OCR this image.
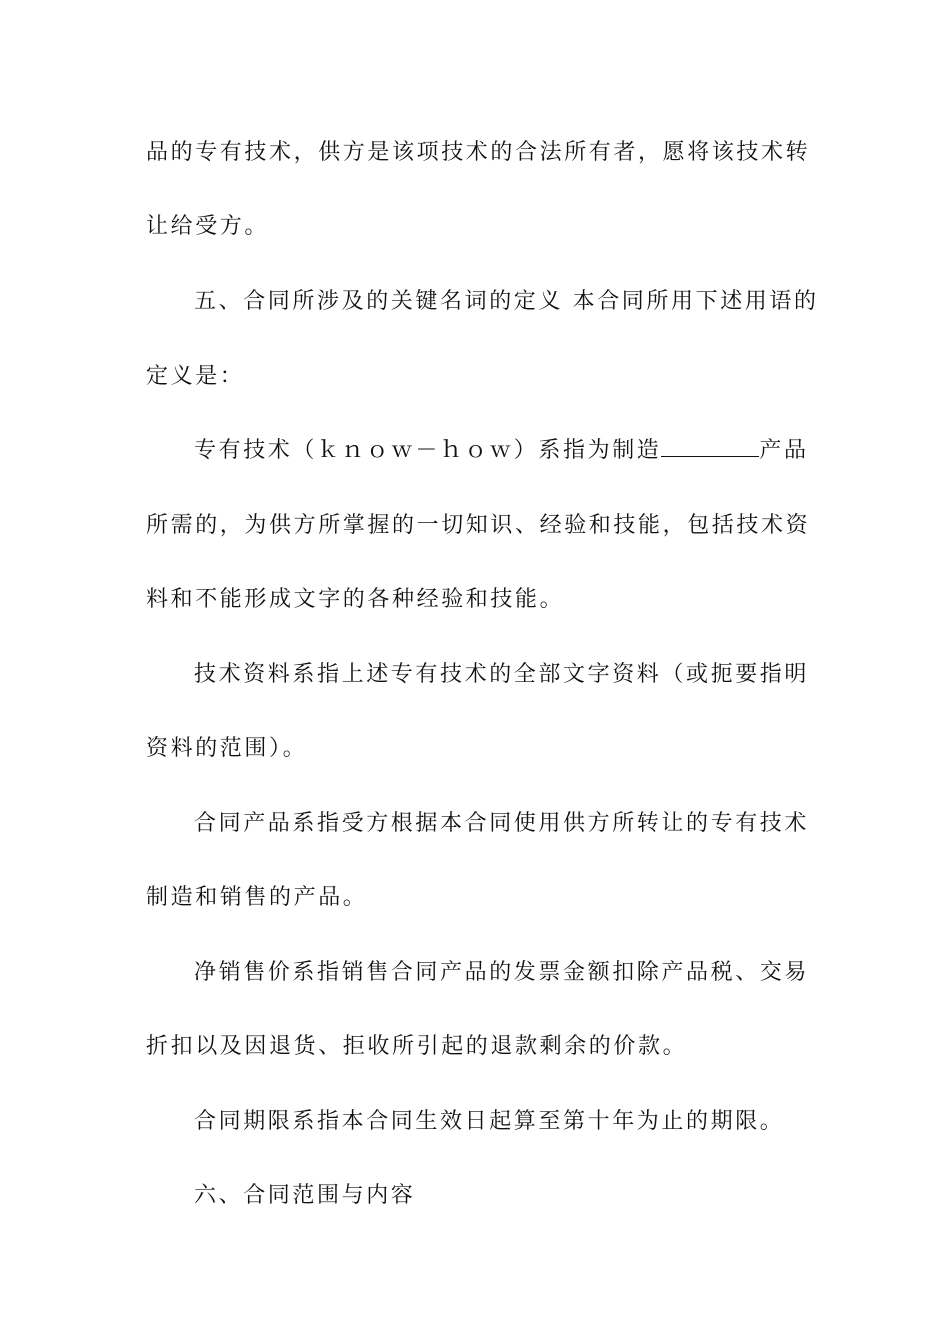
品的专有技术，供方是该项技术的合法所有者，愿将该技术转
让给受方。
五、合同所涉及的关键名词的定义 本合同所用下述用语的
定义是：
专有技术（ｋｎｏｗ－ｈｏｗ）系指为制造	产品
所需的，为供方所掌握的一切知识、经验和技能，包括技术资
料和不能形成文字的各种经验和技能。
技术资料系指上述专有技术的全部文字资料（或扼要指明
资料的范围）。
合同产品系指受方根据本合同使用供方所转让的专有技术
制造和销售的产品。
净销售价系指销售合同产品的发票金额扣除产品税、交易
折扣以及因退货、拒收所引起的退款剩余的价款。
合同期限系指本合同生效日起算至第十年为止的期限。
六、合同范围与内容
